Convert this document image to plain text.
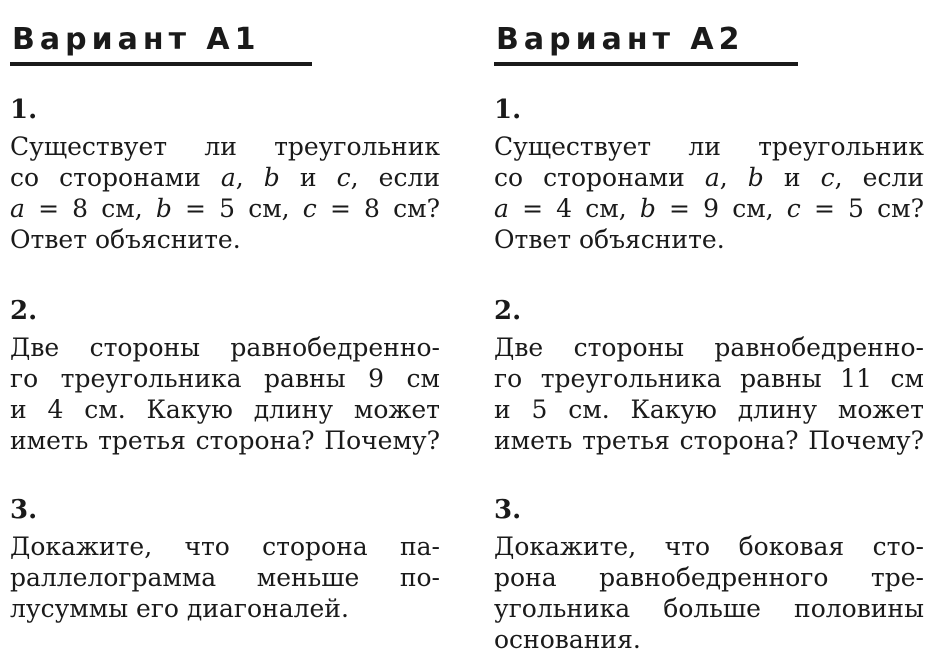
Вариант А1
1.
Существует ли треугольник
со сторонами a, b и c, если
a = 8 см, b = 5 см, c = 8 см?
Ответ объясните.
2.
Две стороны равнобедренно-
го треугольника равны 9 см
и 4 см. Какую длину может
иметь третья сторона? Почему?
3.
Докажите, что сторона па-
раллелограмма меньше по-
лусуммы его диагоналей.
Вариант А2
1.
Существует ли треугольник
со сторонами a, b и c, если
a = 4 см, b = 9 см, c = 5 см?
Ответ объясните.
2.
Две стороны равнобедренно-
го треугольника равны 11 см
и 5 см. Какую длину может
иметь третья сторона? Почему?
3.
Докажите, что боковая сто-
рона равнобедренного тре-
угольника больше половины
основания.
